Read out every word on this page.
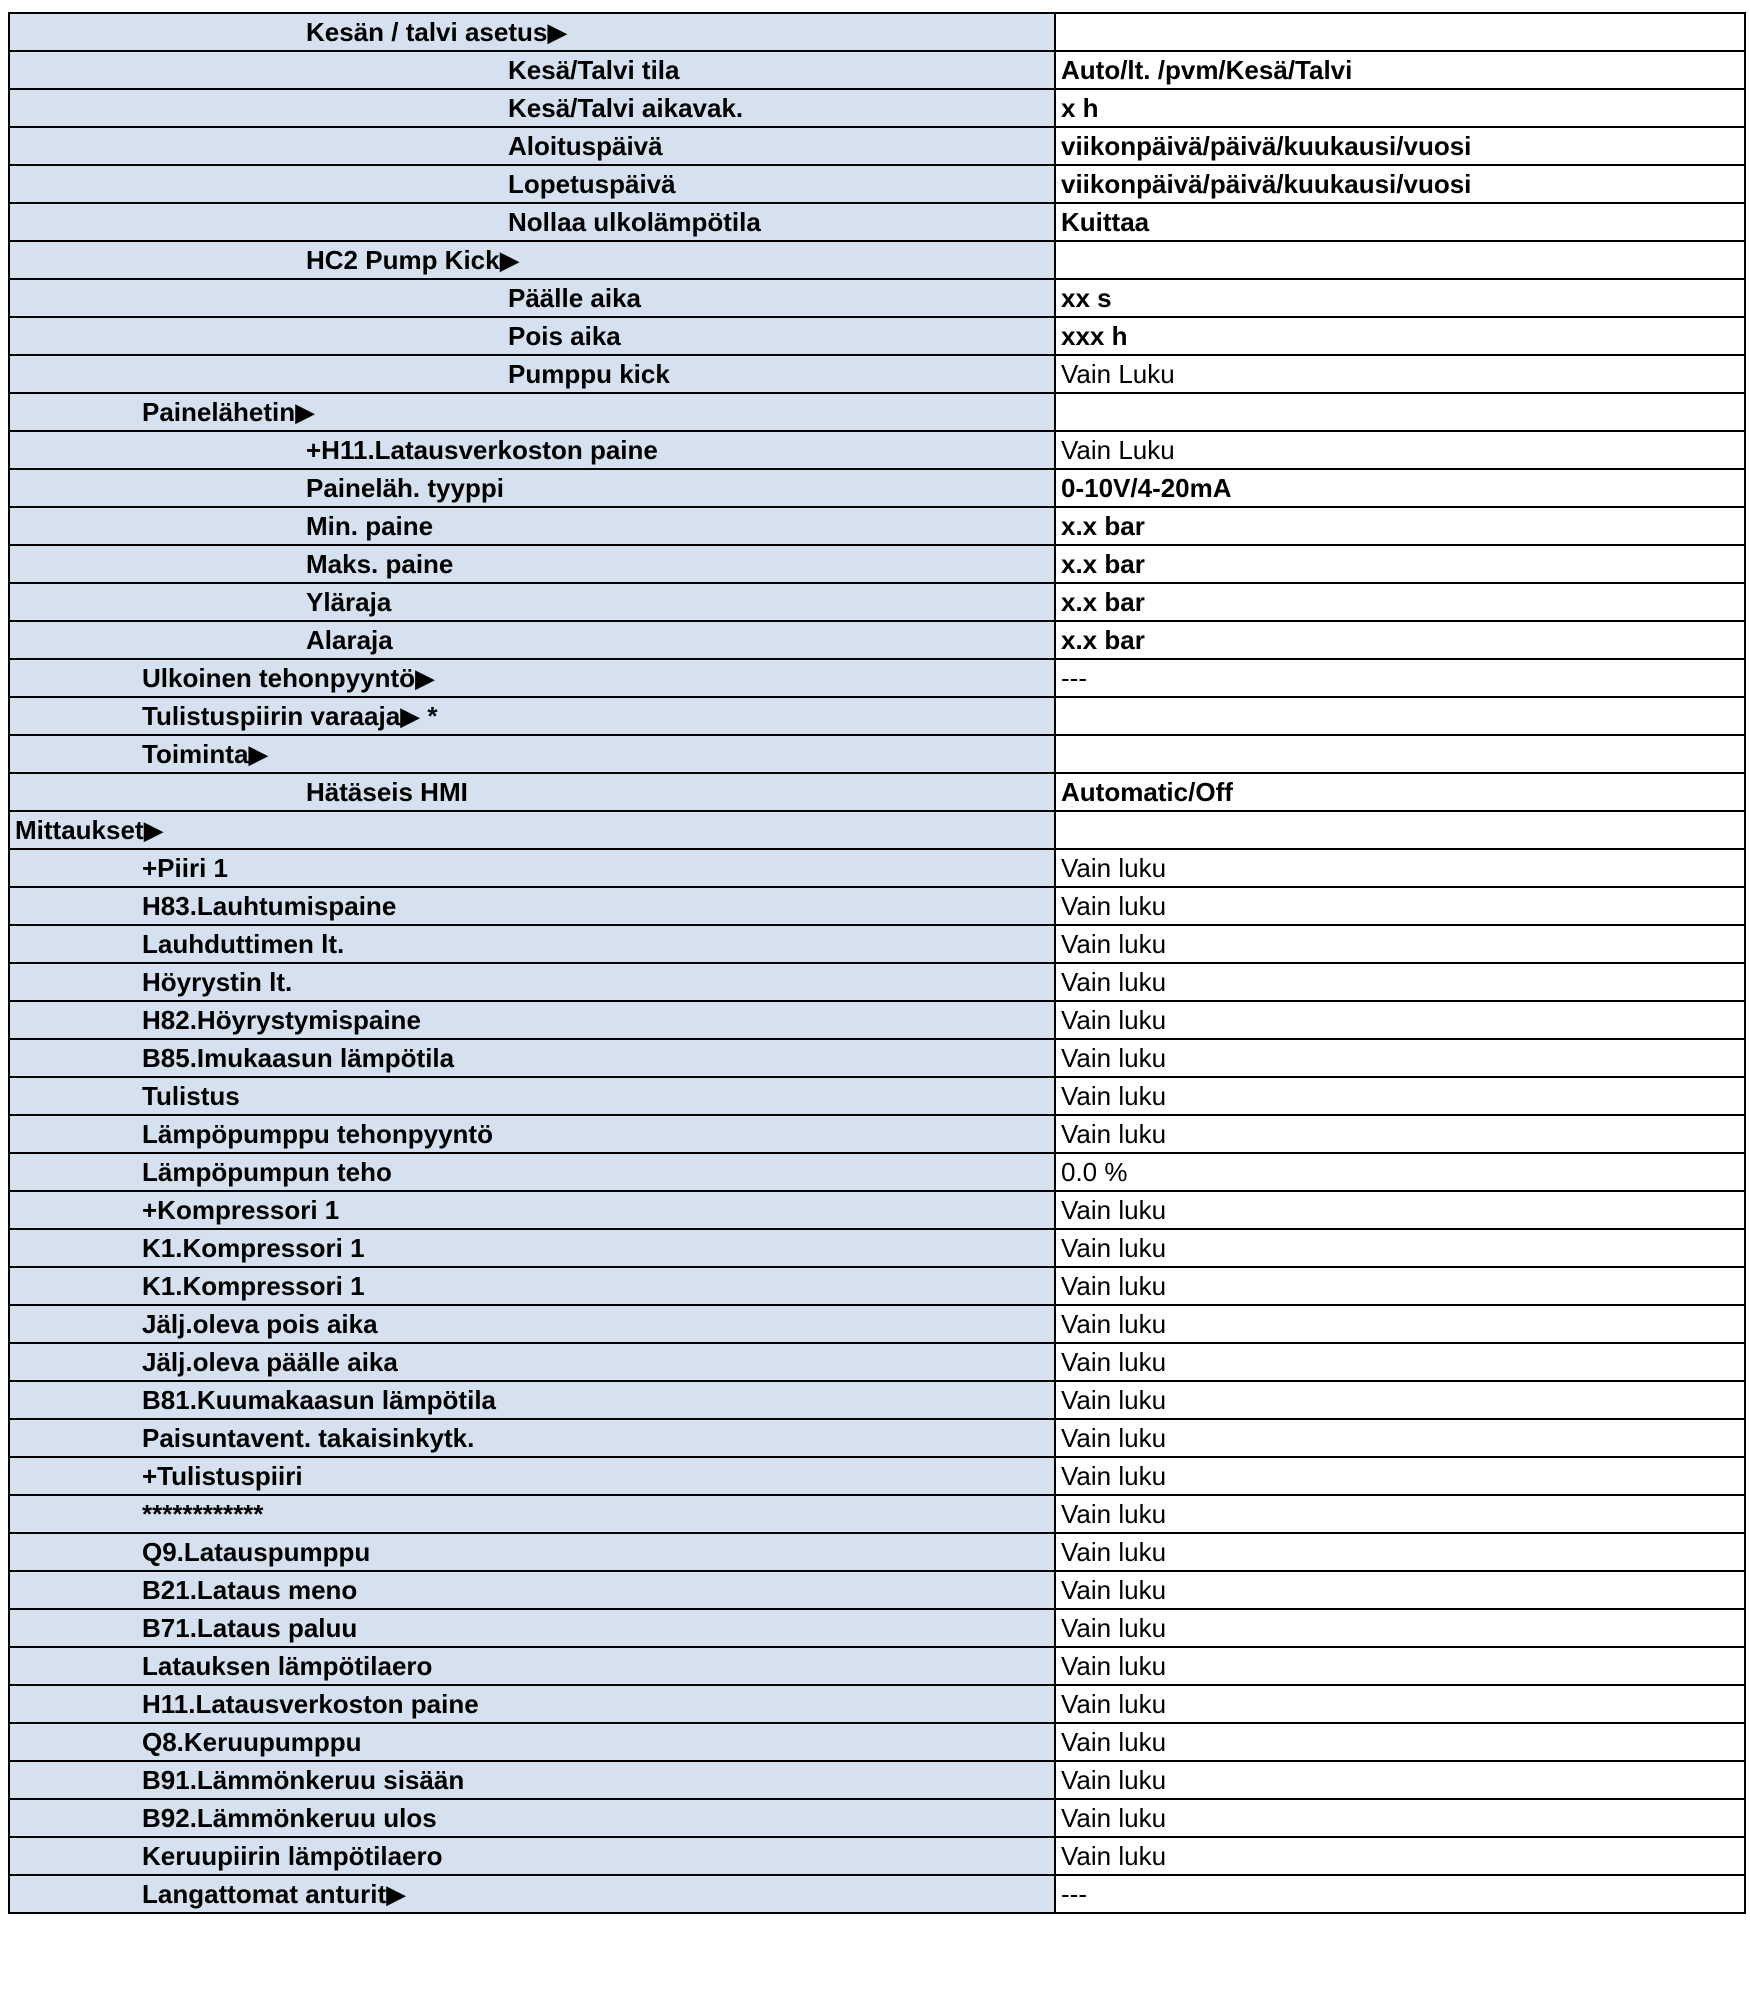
Kesän / talvi asetus▶	
Kesä/Talvi tila	Auto/lt. /pvm/Kesä/Talvi
Kesä/Talvi aikavak.	x h
Aloituspäivä	viikonpäivä/päivä/kuukausi/vuosi
Lopetuspäivä	viikonpäivä/päivä/kuukausi/vuosi
Nollaa ulkolämpötila	Kuittaa
HC2 Pump Kick▶	
Päälle aika	xx s
Pois aika	xxx h
Pumppu kick	Vain Luku
Painelähetin▶	
+H11.Latausverkoston paine	Vain Luku
Paineläh. tyyppi	0-10V/4-20mA
Min. paine	x.x bar
Maks. paine	x.x bar
Yläraja	x.x bar
Alaraja	x.x bar
Ulkoinen tehonpyyntö▶	---
Tulistuspiirin varaaja▶ *	
Toiminta▶	
Hätäseis HMI	Automatic/Off
Mittaukset▶	
+Piiri 1	Vain luku
H83.Lauhtumispaine	Vain luku
Lauhduttimen lt.	Vain luku
Höyrystin lt.	Vain luku
H82.Höyrystymispaine	Vain luku
B85.Imukaasun lämpötila	Vain luku
Tulistus	Vain luku
Lämpöpumppu tehonpyyntö	Vain luku
Lämpöpumpun teho	0.0 %
+Kompressori 1	Vain luku
K1.Kompressori 1	Vain luku
K1.Kompressori 1	Vain luku
Jälj.oleva pois aika	Vain luku
Jälj.oleva päälle aika	Vain luku
B81.Kuumakaasun lämpötila	Vain luku
Paisuntavent. takaisinkytk.	Vain luku
+Tulistuspiiri	Vain luku
************	Vain luku
Q9.Latauspumppu	Vain luku
B21.Lataus meno	Vain luku
B71.Lataus paluu	Vain luku
Latauksen lämpötilaero	Vain luku
H11.Latausverkoston paine	Vain luku
Q8.Keruupumppu	Vain luku
B91.Lämmönkeruu sisään	Vain luku
B92.Lämmönkeruu ulos	Vain luku
Keruupiirin lämpötilaero	Vain luku
Langattomat anturit▶	---
